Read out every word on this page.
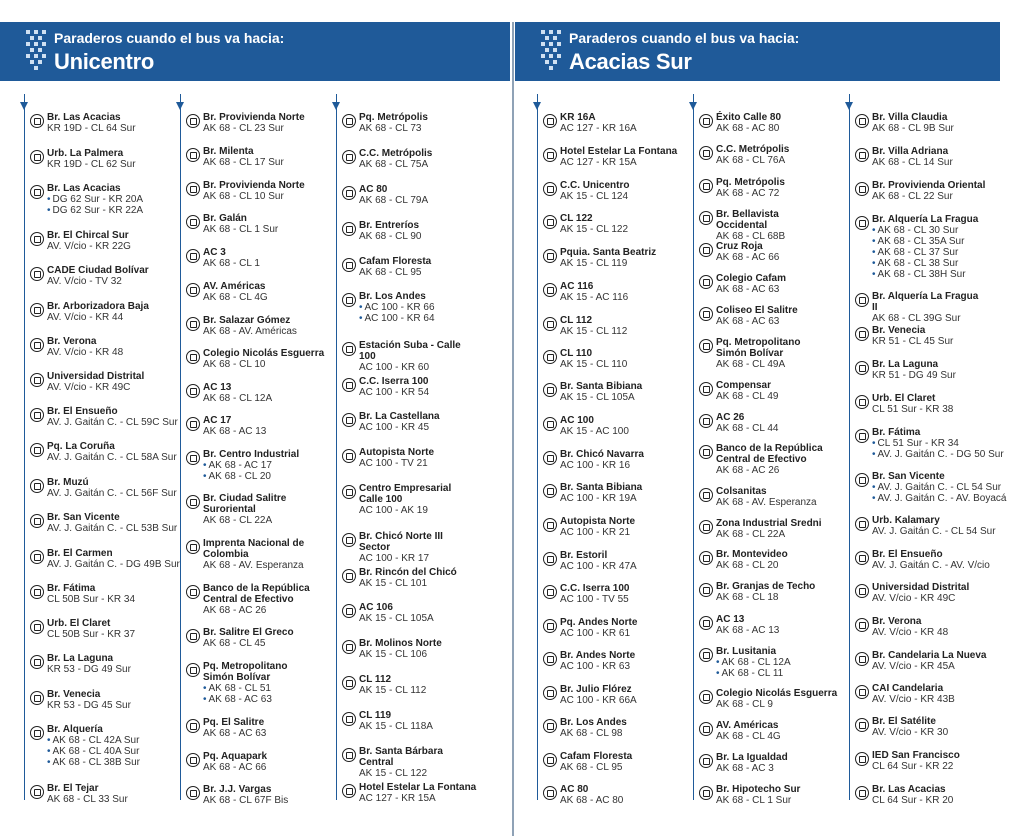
Paraderos cuando el bus va hacia:
Unicentro
Paraderos cuando el bus va hacia:
Acacias Sur
Br. Las Acacias
KR 19D - CL 64 Sur
Urb. La Palmera
KR 19D - CL 62 Sur
Br. Las Acacias
• DG 62 Sur - KR 20A
• DG 62 Sur - KR 22A
Br. El Chircal Sur
AV. V/cio - KR 22G
CADE Ciudad Bolívar
AV. V/cio - TV 32
Br. Arborizadora Baja
AV. V/cio - KR 44
Br. Verona
AV. V/cio - KR 48
Universidad Distrital
AV. V/cio - KR 49C
Br. El Ensueño
AV. J. Gaitán C. - CL 59C Sur
Pq. La Coruña
AV. J. Gaitán C. - CL 58A Sur
Br. Muzú
AV. J. Gaitán C. - CL 56F Sur
Br. San Vicente
AV. J. Gaitán C. - CL 53B Sur
Br. El Carmen
AV. J. Gaitán C. - DG 49B Sur
Br. Fátima
CL 50B Sur - KR 34
Urb. El Claret
CL 50B Sur - KR 37
Br. La Laguna
KR 53 - DG 49 Sur
Br. Venecia
KR 53 - DG 45 Sur
Br. Alquería
• AK 68 - CL 42A Sur
• AK 68 - CL 40A Sur
• AK 68 - CL 38B Sur
Br. El Tejar
AK 68 - CL 33 Sur
Br. Provivienda Norte
AK 68 - CL 23 Sur
Br. Milenta
AK 68 - CL 17 Sur
Br. Provivienda Norte
AK 68 - CL 10 Sur
Br. Galán
AK 68 - CL 1 Sur
AC 3
AK 68 - CL 1
AV. Américas
AK 68 - CL 4G
Br. Salazar Gómez
AK 68 - AV. Américas
Colegio Nicolás Esguerra
AK 68 - CL 10
AC 13
AK 68 - CL 12A
AC 17
AK 68 - AC 13
Br. Centro Industrial
• AK 68 - AC 17
• AK 68 - CL 20
Br. Ciudad Salitre Suroriental
AK 68 - CL 22A
Imprenta Nacional de Colombia
AK 68 - AV. Esperanza
Banco de la República Central de Efectivo
AK 68 - AC 26
Br. Salitre El Greco
AK 68 - CL 45
Pq. Metropolitano Simón Bolívar
• AK 68 - CL 51
• AK 68 - AC 63
Pq. El Salitre
AK 68 - AC 63
Pq. Aquapark
AK 68 - AC 66
Br. J.J. Vargas
AK 68 - CL 67F Bis
Pq. Metrópolis
AK 68 - CL 73
C.C. Metrópolis
AK 68 - CL 75A
AC 80
AK 68 - CL 79A
Br. Entreríos
AK 68 - CL 90
Cafam Floresta
AK 68 - CL 95
Br. Los Andes
• AC 100 - KR 66
• AC 100 - KR 64
Estación Suba - Calle 100
AC 100 - KR 60
C.C. Iserra 100
AC 100 - KR 54
Br. La Castellana
AC 100 - KR 45
Autopista Norte
AC 100 - TV 21
Centro Empresarial Calle 100
AC 100 - AK 19
Br. Chicó Norte III Sector
AC 100 - KR 17
Br. Rincón del Chicó
AK 15 - CL 101
AC 106
AK 15 - CL 105A
Br. Molinos Norte
AK 15 - CL 106
CL 112
AK 15 - CL 112
CL 119
AK 15 - CL 118A
Br. Santa Bárbara Central
AK 15 - CL 122
Hotel Estelar La Fontana
AC 127 - KR 15A
KR 16A
AC 127 - KR 16A
Hotel Estelar La Fontana
AC 127 - KR 15A
C.C. Unicentro
AK 15 - CL 124
CL 122
AK 15 - CL 122
Pquia. Santa Beatriz
AK 15 - CL 119
AC 116
AK 15 - AC 116
CL 112
AK 15 - CL 112
CL 110
AK 15 - CL 110
Br. Santa Bibiana
AK 15 - CL 105A
AC 100
AK 15 - AC 100
Br. Chicó Navarra
AC 100 - KR 16
Br. Santa Bibiana
AC 100 - KR 19A
Autopista Norte
AC 100 - KR 21
Br. Estoril
AC 100 - KR 47A
C.C. Iserra 100
AC 100 - TV 55
Pq. Andes Norte
AC 100 - KR 61
Br. Andes Norte
AC 100 - KR 63
Br. Julio Flórez
AC 100 - KR 66A
Br. Los Andes
AK 68 - CL 98
Cafam Floresta
AK 68 - CL 95
AC 80
AK 68 - AC 80
Éxito Calle 80
AK 68 - AC 80
C.C. Metrópolis
AK 68 - CL 76A
Pq. Metrópolis
AK 68 - AC 72
Br. Bellavista Occidental
AK 68 - CL 68B
Cruz Roja
AK 68 - AC 66
Colegio Cafam
AK 68 - AC 63
Coliseo El Salitre
AK 68 - AC 63
Pq. Metropolitano Simón Bolívar
AK 68 - CL 49A
Compensar
AK 68 - CL 49
AC 26
AK 68 - CL 44
Banco de la República Central de Efectivo
AK 68 - AC 26
Colsanitas
AK 68 - AV. Esperanza
Zona Industrial Sredni
AK 68 - CL 22A
Br. Montevideo
AK 68 - CL 20
Br. Granjas de Techo
AK 68 - CL 18
AC 13
AK 68 - AC 13
Br. Lusitania
• AK 68 - CL 12A
• AK 68 - CL 11
Colegio Nicolás Esguerra
AK 68 - CL 9
AV. Américas
AK 68 - CL 4G
Br. La Igualdad
AK 68 - AC 3
Br. Hipotecho Sur
AK 68 - CL 1 Sur
Br. Villa Claudia
AK 68 - CL 9B Sur
Br. Villa Adriana
AK 68 - CL 14 Sur
Br. Provivienda Oriental
AK 68 - CL 22 Sur
Br. Alquería La Fragua
• AK 68 - CL 30 Sur
• AK 68 - CL 35A Sur
• AK 68 - CL 37 Sur
• AK 68 - CL 38 Sur
• AK 68 - CL 38H Sur
Br. Alquería La Fragua II
AK 68 - CL 39G Sur
Br. Venecia
KR 51 - CL 45 Sur
Br. La Laguna
KR 51 - DG 49 Sur
Urb. El Claret
CL 51 Sur - KR 38
Br. Fátima
• CL 51 Sur - KR 34
• AV. J. Gaitán C. - DG 50 Sur
Br. San Vicente
• AV. J. Gaitán C. - CL 54 Sur
• AV. J. Gaitán C. - AV. Boyacá
Urb. Kalamary
AV. J. Gaitán C. - CL 54 Sur
Br. El Ensueño
AV. J. Gaitán C. - AV. V/cio
Universidad Distrital
AV. V/cio - KR 49C
Br. Verona
AV. V/cio - KR 48
Br. Candelaria La Nueva
AV. V/cio - KR 45A
CAI Candelaria
AV. V/cio - KR 43B
Br. El Satélite
AV. V/cio - KR 30
IED San Francisco
CL 64 Sur - KR 22
Br. Las Acacias
CL 64 Sur - KR 20
